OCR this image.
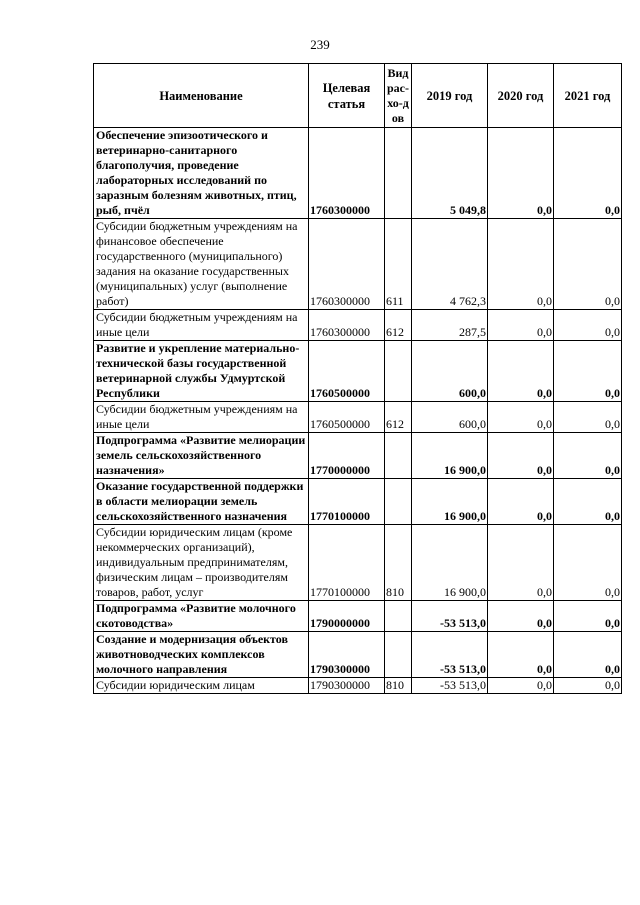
239
Наименование	Целевая статья	Вид рас-хо-дов	2019 год	2020 год	2021 год
Обеспечение эпизоотического и ветеринарно-санитарного благополучия, проведение лабораторных исследований по заразным болезням животных, птиц, рыб, пчёл	1760300000		5 049,8	0,0	0,0
Субсидии бюджетным учреждениям на финансовое обеспечение государственного (муниципального) задания на оказание государственных (муниципальных) услуг (выполнение работ)	1760300000	611	4 762,3	0,0	0,0
Субсидии бюджетным учреждениям на иные цели	1760300000	612	287,5	0,0	0,0
Развитие и укрепление материально-технической базы государственной ветеринарной службы Удмуртской Республики	1760500000		600,0	0,0	0,0
Субсидии бюджетным учреждениям на иные цели	1760500000	612	600,0	0,0	0,0
Подпрограмма «Развитие мелиорации земель сельскохозяйственного назначения»	1770000000		16 900,0	0,0	0,0
Оказание государственной поддержки в области мелиорации земель сельскохозяйственного назначения	1770100000		16 900,0	0,0	0,0
Субсидии юридическим лицам (кроме некоммерческих организаций), индивидуальным предпринимателям, физическим лицам – производителям товаров, работ, услуг	1770100000	810	16 900,0	0,0	0,0
Подпрограмма «Развитие молочного скотоводства»	1790000000		-53 513,0	0,0	0,0
Создание и модернизация объектов животноводческих комплексов молочного направления	1790300000		-53 513,0	0,0	0,0
Субсидии юридическим лицам	1790300000	810	-53 513,0	0,0	0,0
